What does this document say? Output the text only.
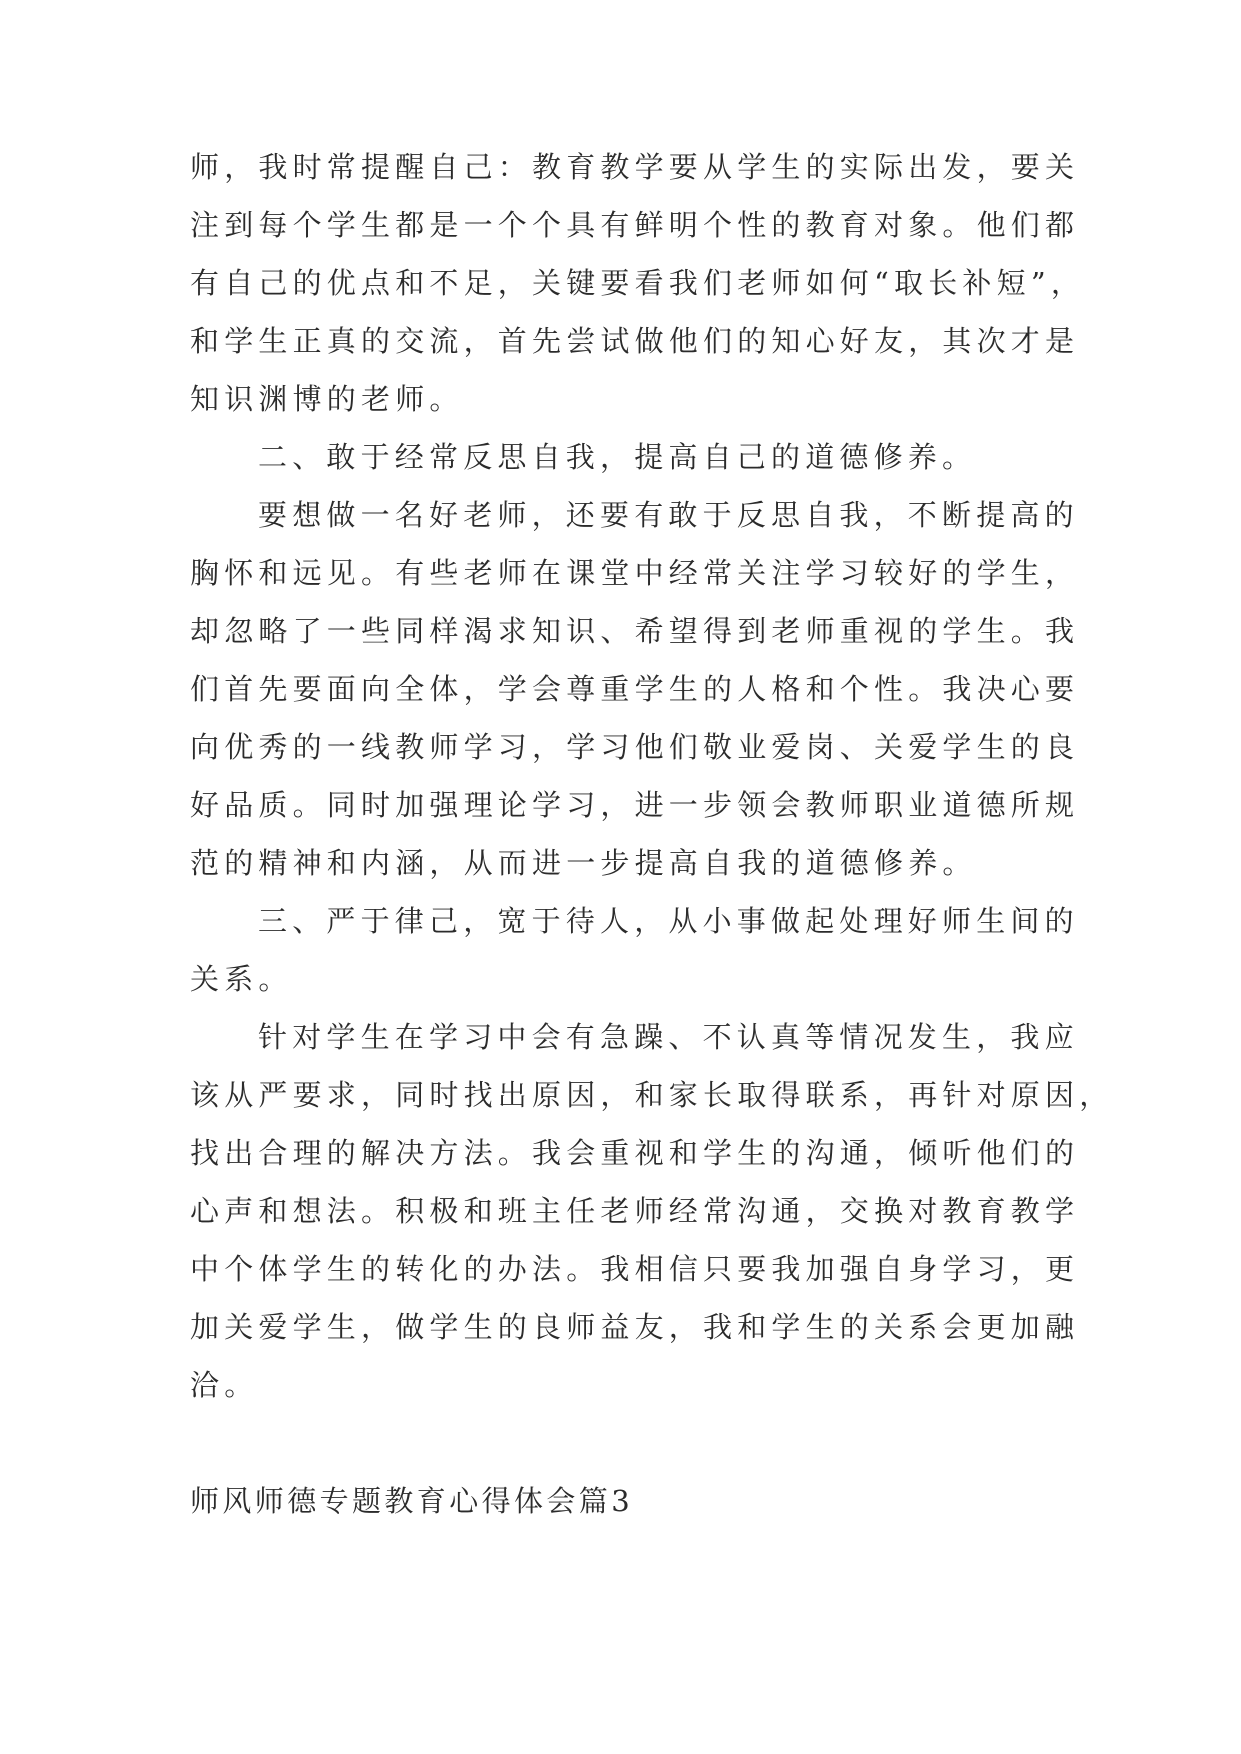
师，我时常提醒自己：教育教学要从学生的实际出发，要关
注到每个学生都是一个个具有鲜明个性的教育对象。他们都
有自己的优点和不足，关键要看我们老师如何“取长补短”，
和学生正真的交流，首先尝试做他们的知心好友，其次才是
知识渊博的老师。
二、敢于经常反思自我，提高自己的道德修养。
要想做一名好老师，还要有敢于反思自我，不断提高的
胸怀和远见。有些老师在课堂中经常关注学习较好的学生，
却忽略了一些同样渴求知识、希望得到老师重视的学生。我
们首先要面向全体，学会尊重学生的人格和个性。我决心要
向优秀的一线教师学习，学习他们敬业爱岗、关爱学生的良
好品质。同时加强理论学习，进一步领会教师职业道德所规
范的精神和内涵，从而进一步提高自我的道德修养。
三、严于律己，宽于待人，从小事做起处理好师生间的
关系。
针对学生在学习中会有急躁、不认真等情况发生，我应
该从严要求，同时找出原因，和家长取得联系，再针对原因，
找出合理的解决方法。我会重视和学生的沟通，倾听他们的
心声和想法。积极和班主任老师经常沟通，交换对教育教学
中个体学生的转化的办法。我相信只要我加强自身学习，更
加关爱学生，做学生的良师益友，我和学生的关系会更加融
洽。
师风师德专题教育心得体会篇3
